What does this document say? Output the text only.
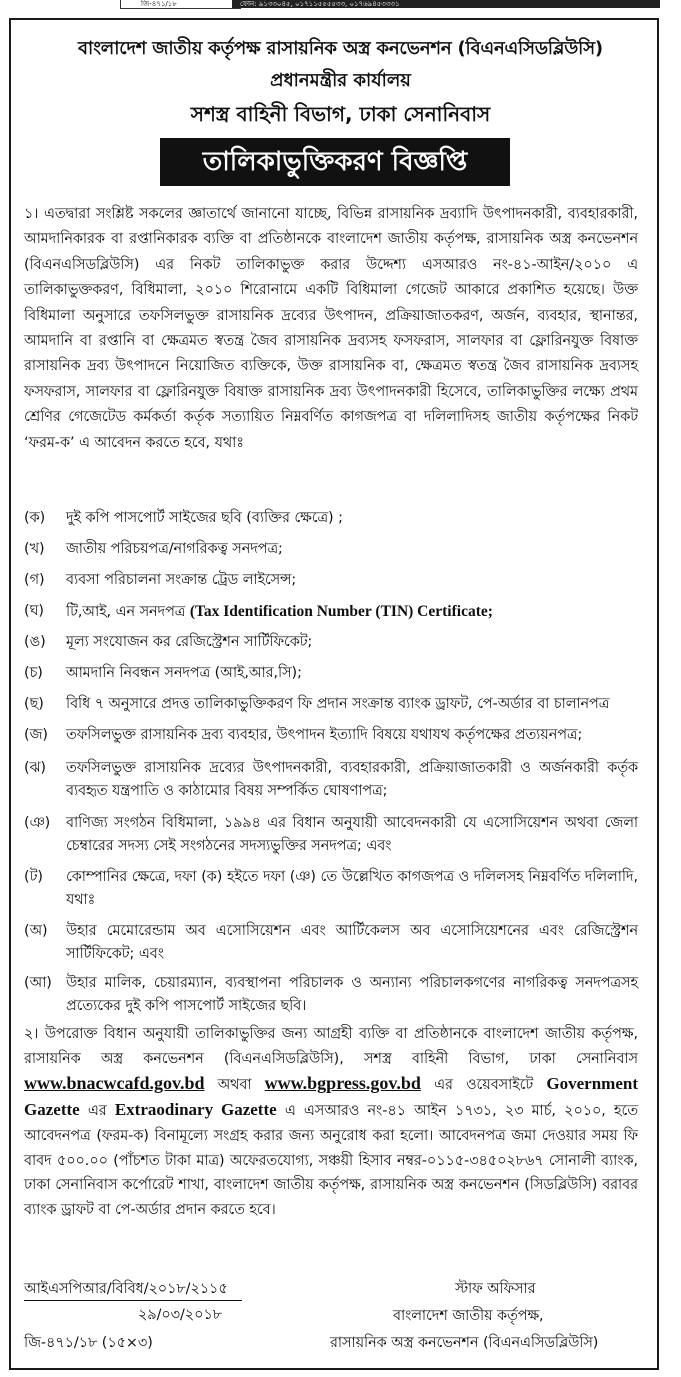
জি-৪৭১/১৮	ফোন: ৯১৩৩০৪৫, ০১৭১১৫৫৫৫৩৩, ০১৭৬৯৪৫৩৩৩১
বাংলাদেশ জাতীয় কর্তৃপক্ষ রাসায়নিক অস্ত্র কনভেনশন (বিএনএসিডব্লিউসি)
প্রধানমন্ত্রীর কার্যালয়
সশস্ত্র বাহিনী বিভাগ, ঢাকা সেনানিবাস
তালিকাভুক্তিকরণ বিজ্ঞপ্তি
১। এতদ্বারা সংশ্লিষ্ট সকলের জ্ঞাতার্থে জানানো যাচ্ছে, বিভিন্ন রাসায়নিক দ্রব্যাদি উৎপাদনকারী, ব্যবহারকারী, আমদানিকারক বা রপ্তানিকারক ব্যক্তি বা প্রতিষ্ঠানকে বাংলাদেশ জাতীয় কর্তৃপক্ষ, রাসায়নিক অস্ত্র কনভেনশন (বিএনএসিডব্লিউসি) এর নিকট তালিকাভুক্ত করার উদ্দেশ্য এসআরও নং-৪১-আইন/২০১০ এ তালিকাভুক্তকরণ, বিধিমালা, ২০১০ শিরোনামে একটি বিধিমালা গেজেট আকারে প্রকাশিত হয়েছে। উক্ত বিধিমালা অনুসারে তফসিলভুক্ত রাসায়নিক দ্রব্যের উৎপাদন, প্রক্রিয়াজাতকরণ, অর্জন, ব্যবহার, স্থানান্তর, আমদানি বা রপ্তানি বা ক্ষেত্রমত স্বতন্ত্র জৈব রাসায়নিক দ্রব্যসহ ফসফরাস, সালফার বা ফ্লোরিনযুক্ত বিষাক্ত রাসায়নিক দ্রব্য উৎপাদনে নিয়োজিত ব্যক্তিকে, উক্ত রাসায়নিক বা, ক্ষেত্রমত স্বতন্ত্র জৈব রাসায়নিক দ্রব্যসহ ফসফরাস, সালফার বা ফ্লোরিনযুক্ত বিষাক্ত রাসায়নিক দ্রব্য উৎপাদনকারী হিসেবে, তালিকাভুক্তির লক্ষ্যে প্রথম শ্রেণির গেজেটেড কর্মকর্তা কর্তৃক সত্যায়িত নিম্নবর্ণিত কাগজপত্র বা দলিলাদিসহ জাতীয় কর্তৃপক্ষের নিকট ‘ফরম-ক’ এ আবেদন করতে হবে, যথাঃ
(ক)	দুই কপি পাসপোর্ট সাইজের ছবি (ব্যক্তির ক্ষেত্রে) ;
(খ)	জাতীয় পরিচয়পত্র/নাগরিকত্ব সনদপত্র;
(গ)	ব্যবসা পরিচালনা সংক্রান্ত ট্রেড লাইসেন্স;
(ঘ)	টি,আই, এন সনদপত্র (Tax Identification Number (TIN) Certificate;
(ঙ)	মূল্য সংযোজন কর রেজিস্ট্রেশন সার্টিফিকেট;
(চ)	আমদানি নিবন্ধন সনদপত্র (আই,আর,সি);
(ছ)	বিধি ৭ অনুসারে প্রদত্ত তালিকাভুক্তিকরণ ফি প্রদান সংক্রান্ত ব্যাংক ড্রাফট, পে-অর্ডার বা চালানপত্র
(জ)	তফসিলভুক্ত রাসায়নিক দ্রব্য ব্যবহার, উৎপাদন ইত্যাদি বিষয়ে যথাযথ কর্তৃপক্ষের প্রত্যয়নপত্র;
(ঝ)	তফসিলভুক্ত রাসায়নিক দ্রব্যের উৎপাদনকারী, ব্যবহারকারী, প্রক্রিয়াজাতকারী ও অর্জনকারী কর্তৃক ব্যবহৃত যন্ত্রপাতি ও কাঠামোর বিষয় সম্পর্কিত ঘোষণাপত্র;
(ঞ)	বাণিজ্য সংগঠন বিধিমালা, ১৯৯৪ এর বিধান অনুযায়ী আবেদনকারী যে এসোসিয়েশন অথবা জেলা চেম্বারের সদস্য সেই সংগঠনের সদস্যভুক্তির সনদপত্র; এবং
(ট)	কোম্পানির ক্ষেত্রে, দফা (ক) হইতে দফা (ঞ) তে উল্লেখিত কাগজপত্র ও দলিলসহ নিম্নবর্ণিত দলিলাদি, যথাঃ
(অ)	উহার মেমোরেন্ডাম অব এসোসিয়েশন এবং আর্টিকেলস অব এসোসিয়েশনের এবং রেজিস্ট্রেশন সার্টিফিকেট; এবং
(আ) উহার মালিক, চেয়ারম্যান, ব্যবস্থাপনা পরিচালক ও অন্যান্য পরিচালকগণের নাগরিকত্ব সনদপত্রসহ প্রত্যেকের দুই কপি পাসপোর্ট সাইজের ছবি।
২। উপরোক্ত বিধান অনুযায়ী তালিকাভুক্তির জন্য আগ্রহী ব্যক্তি বা প্রতিষ্ঠানকে বাংলাদেশ জাতীয় কর্তৃপক্ষ, রাসায়নিক অস্ত্র কনভেনশন (বিএনএসিডব্লিউসি), সশস্ত্র বাহিনী বিভাগ, ঢাকা সেনানিবাস www.bnacwcafd.gov.bd অথবা www.bgpress.gov.bd এর ওয়েবসাইটে Government Gazette এর Extraodinary Gazette এ এসআরও নং-৪১ আইন ১৭৩১, ২৩ মার্চ, ২০১০, হতে আবেদনপত্র (ফরম-ক) বিনামূল্যে সংগ্রহ করার জন্য অনুরোধ করা হলো। আবেদনপত্র জমা দেওয়ার সময় ফি বাবদ ৫০০.০০ (পাঁচশত টাকা মাত্র) অফেরতযোগ্য, সঞ্চয়ী হিসাব নম্বর-০১১৫-৩৪৫০২৮৬৭ সোনালী ব্যাংক, ঢাকা সেনানিবাস কর্পোরেট শাখা, বাংলাদেশ জাতীয় কর্তৃপক্ষ, রাসায়নিক অস্ত্র কনভেনশন (সিডব্লিউসি) বরাবর ব্যাংক ড্রাফট বা পে-অর্ডার প্রদান করতে হবে।
আইএসপিআর/বিবিধ/২০১৮/২১১৫
২৯/০৩/২০১৮
জি-৪৭১/১৮ (১৫×৩)
স্টাফ অফিসার
বাংলাদেশ জাতীয় কর্তৃপক্ষ,
রাসায়নিক অস্ত্র কনভেনশন (বিএনএসিডব্লিউসি)
